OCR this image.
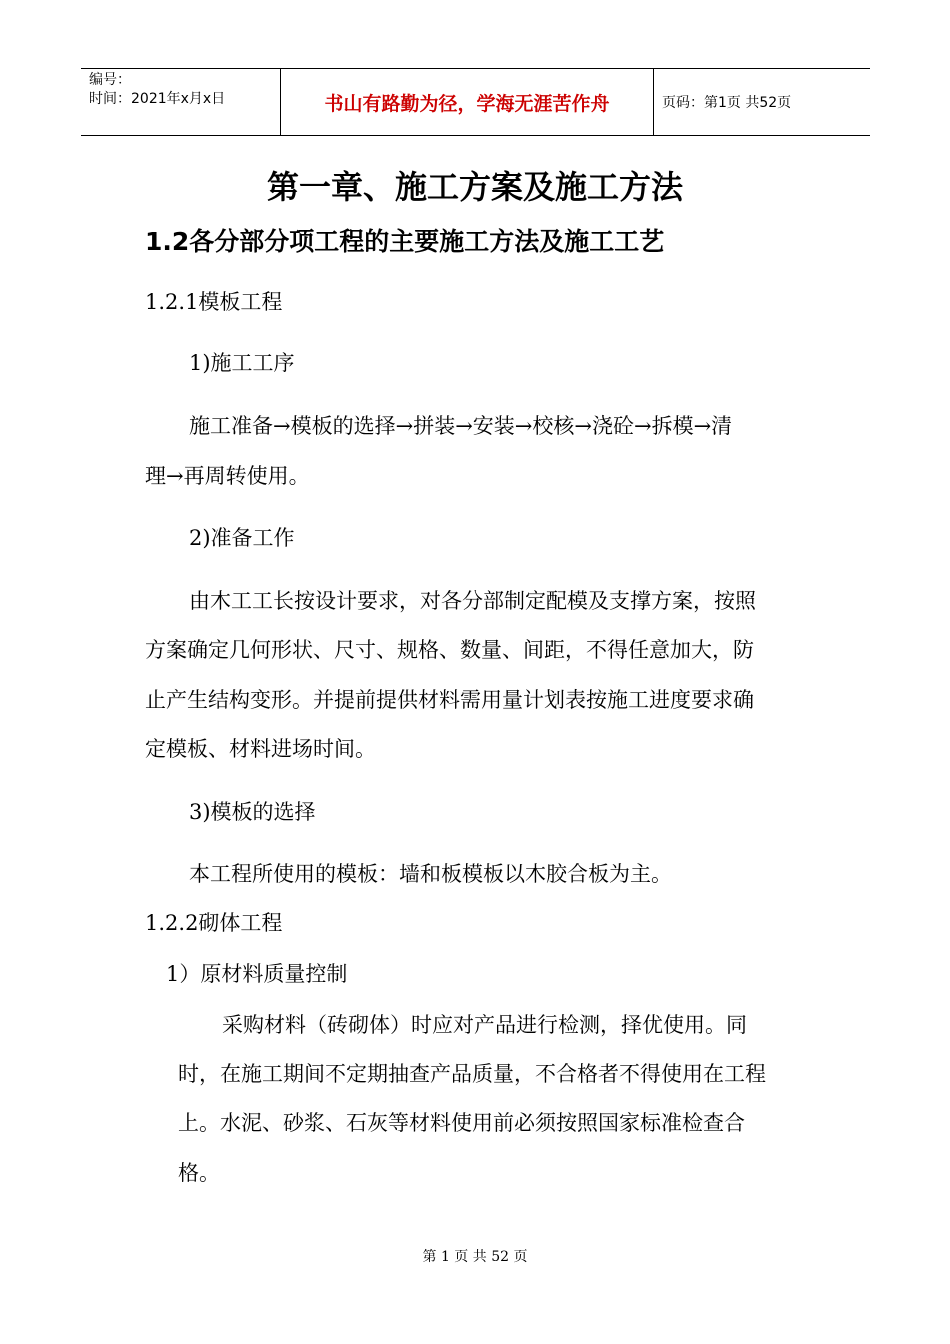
编号：
时间：2021年x月x日	书山有路勤为径，学海无涯苦作舟	页码：第1页 共52页
第一章、施工方案及施工方法
1.2各分部分项工程的主要施工方法及施工工艺
1.2.1模板工程
1)施工工序
施工准备→模板的选择→拼装→安装→校核→浇砼→拆模→清
理→再周转使用。
2)准备工作
由木工工长按设计要求，对各分部制定配模及支撑方案，按照
方案确定几何形状、尺寸、规格、数量、间距，不得任意加大，防
止产生结构变形。并提前提供材料需用量计划表按施工进度要求确
定模板、材料进场时间。
3)模板的选择
本工程所使用的模板：墙和板模板以木胶合板为主。
1.2.2砌体工程
1）原材料质量控制
采购材料（砖砌体）时应对产品进行检测，择优使用。同
时，在施工期间不定期抽查产品质量，不合格者不得使用在工程
上。水泥、砂浆、石灰等材料使用前必须按照国家标准检查合
格。
第 1 页 共 52 页
